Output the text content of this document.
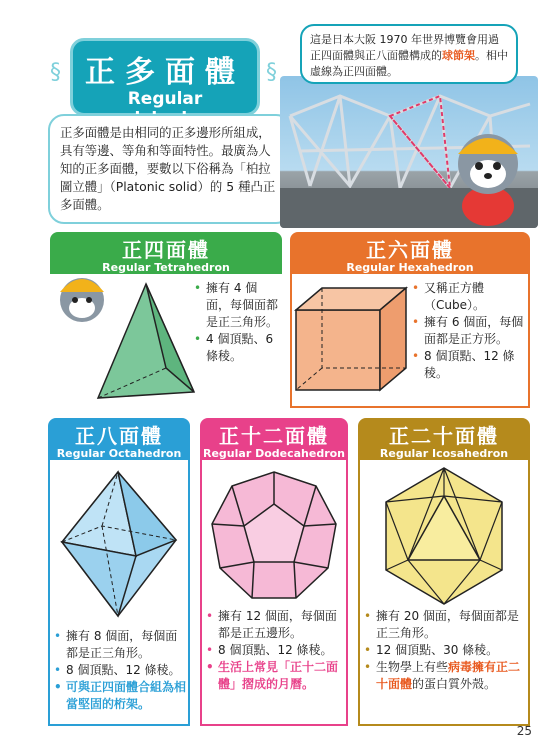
正多面體
Regular
§	§
正多面體是由相同的正多邊形所組成，具有等邊、等角和等面特性。最廣為人知的正多面體，要數以下俗稱為「柏拉圖立體」（Platonic solid）的 5 種凸正多面體。
這是日本大阪 1970 年世界博覽會用過正四面體與正八面體構成的球節架。相中虛線為正四面體。
正四面體
Regular Tetrahedron
• 擁有 4 個面，每個面都是正三角形。
• 4 個頂點、6 條稜。
正六面體
Regular Hexahedron
• 又稱正方體（Cube）。
• 擁有 6 個面，每個面都是正方形。
• 8 個頂點、12 條稜。
正八面體
Regular Octahedron
• 擁有 8 個面，每個面都是正三角形。
• 8 個頂點、12 條稜。
• 可與正四面體合組為相當堅固的桁架。
正十二面體
Regular Dodecahedron
• 擁有 12 個面，每個面都是正五邊形。
• 8 個頂點、12 條稜。
• 生活上常見「正十二面體」摺成的月曆。
正二十面體
Regular Icosahedron
• 擁有 20 個面，每個面都是正三角形。
• 12 個頂點、30 條稜。
• 生物學上有些病毒擁有正二十面體的蛋白質外殼。
25
